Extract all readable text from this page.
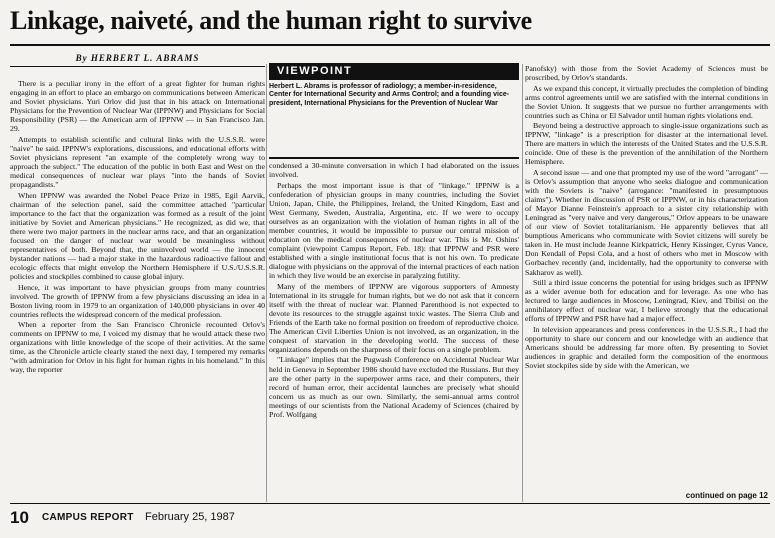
Linkage, naiveté, and the human right to survive
By HERBERT L. ABRAMS

There is a peculiar irony in the effort of a great fighter for human rights engaging in an effort to place an embargo on communications between American and Soviet physicians. Yuri Orlov did just that in his attack on International Physicians for the Prevention of Nuclear War (IPPNW) and Physicians for Social Responsibility (PSR) — the American arm of IPPNW — in San Francisco Jan. 29.

Attempts to establish scientific and cultural links with the U.S.S.R. were "naive" he said. IPPNW's explorations, discussions, and educational efforts with Soviet physicians represent "an example of the completely wrong way to approach the subject." The education of the public in both East and West on the medical consequences of nuclear war plays "into the hands of Soviet propagandists."

When IPPNW was awarded the Nobel Peace Prize in 1985, Egil Aarvik, chairman of the selection panel, said the committee attached "particular importance to the fact that the organization was formed as a result of the joint initiative by Soviet and American physicians." He recognized, as did we, that there were two major partners in the nuclear arms race, and that an organization focused on the danger of nuclear war would be meaningless without representatives of both. Beyond that, the uninvolved world — the innocent bystander nations — had a major stake in the hazardous radioactive fallout and ecologic effects that might envelop the Northern Hemisphere if U.S./U.S.S.R. policies and stockpiles combined to cause global injury.

Hence, it was important to have physician groups from many countries involved. The growth of IPPNW from a few physicians discussing an idea in a Boston living room in 1979 to an organization of 140,000 physicians in over 40 countries reflects the widespread concern of the medical profession.

When a reporter from the San Francisco Chronicle recounted Orlov's comments on IPPNW to me, I voiced my dismay that he would attack these two organizations with little knowledge of the scope of their activities. At the same time, as the Chronicle article clearly stated the next day, I tempered my remarks "with admiration for Orlov in his fight for human rights in his homeland." In this way, the reporter

VIEWPOINT
Herbert L. Abrams is professor of radiology; a member-in-residence, Center for International Security and Arms Control; and a founding vice-president, International Physicians for the Prevention of Nuclear War

condensed a 30-minute conversation in which I had elaborated on the issues involved.

Perhaps the most important issue is that of "linkage." IPPNW is a confederation of physician groups in many countries, including the Soviet Union, Japan, Chile, the Philippines, Ireland, the United Kingdom, East and West Germany, Sweden, Australia, Argentina, etc. If we were to occupy ourselves as an organization with the violation of human rights in all of the member countries, it would be impossible to pursue our central mission of education on the medical consequences of nuclear war. This is Mr. Oshins' complaint (viewpoint Campus Report, Feb. 18): that IPPNW and PSR were established with a single institutional focus that is not his own. To predicate dialogue with physicians on the approval of the internal practices of each nation in which they live would be an exercise in paralyzing futility.

Many of the members of IPPNW are vigorous supporters of Amnesty International in its struggle for human rights, but we do not ask that it concern itself with the threat of nuclear war. Planned Parenthood is not expected to devote its resources to the struggle against toxic wastes. The Sierra Club and Friends of the Earth take no formal position on freedom of reproductive choice. The American Civil Liberties Union is not involved, as an organization, in the conquest of starvation in the developing world. The success of these organizations depends on the sharpness of their focus on a single problem.

"Linkage" implies that the Pugwash Conference on Accidental Nuclear War held in Geneva in September 1986 should have excluded the Russians. But they are the other party in the superpower arms race, and their computers, their record of human error, their accidental launches are precisely what should concern us as much as our own. Similarly, the semi-annual arms control meetings of our scientists from the National Academy of Sciences (chaired by Prof. Wolfgang

Panofsky) with those from the Soviet Academy of Sciences must be proscribed, by Orlov's standards.

As we expand this concept, it virtually precludes the completion of binding arms control agreements until we are satisfied with the internal conditions in the Soviet Union. It suggests that we pursue no further arrangements with countries such as China or El Salvador until human rights violations end.

Beyond being a destructive approach to single-issue organizations such as IPPNW, "linkage" is a prescription for disaster at the international level. There are matters in which the interests of the United States and the U.S.S.R. coincide. One of these is the prevention of the annihilation of the Northern Hemisphere.

A second issue — and one that prompted my use of the word "arrogant" — is Orlov's assumption that anyone who seeks dialogue and communication with the Soviets is "naive" (arrogance: "manifested in presumptuous claims"). Whether in discussion of PSR or IPPNW, or in his characterization of Mayor Dianne Feinstein's approach to a sister city relationship with Leningrad as "very naive and very dangerous," Orlov appears to be unaware of our view of Soviet totalitarianism. He apparently believes that all bumptious Americans who communicate with Soviet citizens will surely be taken in. He must include Jeanne Kirkpatrick, Henry Kissinger, Cyrus Vance, Don Kendall of Pepsi Cola, and a host of others who met in Moscow with Gorbachev recently (and, incidentally, had the opportunity to converse with Sakharov as well).

Still a third issue concerns the potential for using bridges such as IPPNW as a wider avenue both for education and for leverage. As one who has lectured to large audiences in Moscow, Leningrad, Kiev, and Tbilisi on the annihilatory effect of nuclear war, I believe strongly that the educational efforts of IPPNW and PSR have had a major effect.

In television appearances and press conferences in the U.S.S.R., I had the opportunity to share our concern and our knowledge with an audience that Americans should be addressing far more often. By presenting to Soviet audiences in graphic and detailed form the composition of the enormous Soviet stockpiles side by side with the American, we

continued on page 12
10 CAMPUS REPORT February 25, 1987
